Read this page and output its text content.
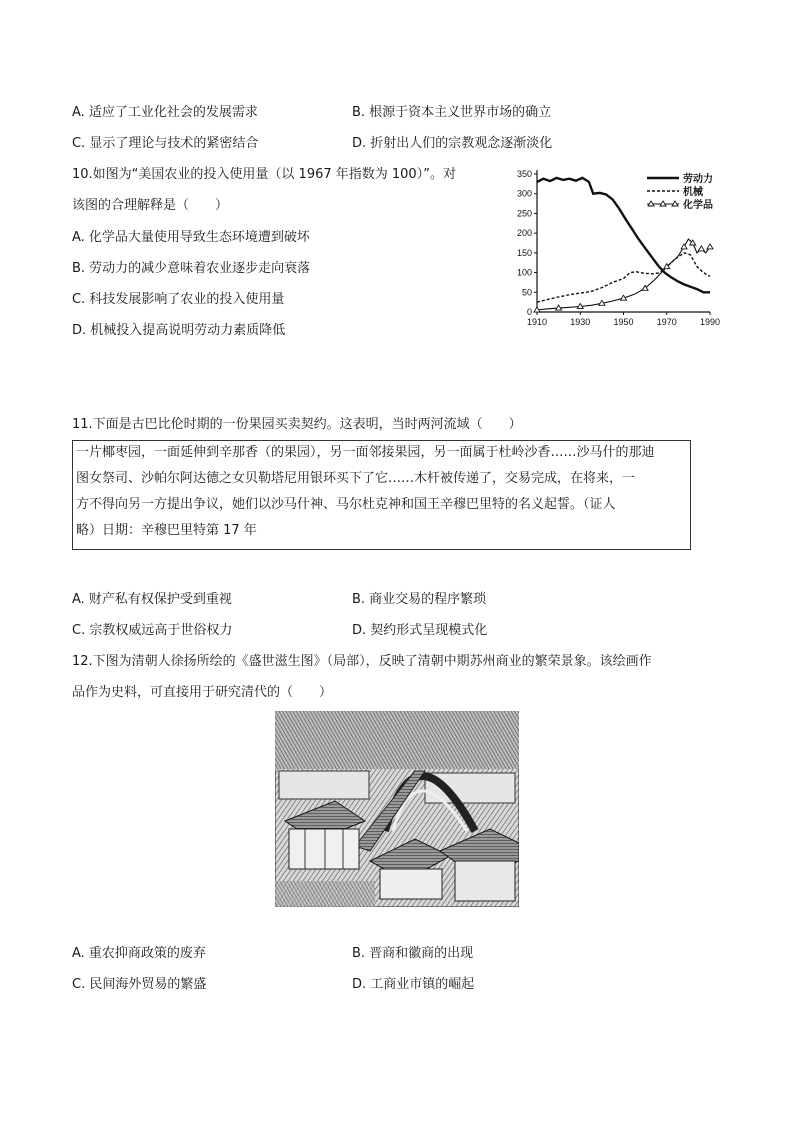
A. 适应了工业化社会的发展需求	B. 根源于资本主义世界市场的确立
C. 显示了理论与技术的紧密结合	D. 折射出人们的宗教观念逐渐淡化
10.如图为“美国农业的投入使用量（以 1967 年指数为 100）”。对
该图的合理解释是（　　）
A. 化学品大量使用导致生态环境遭到破坏
B. 劳动力的减少意味着农业逐步走向衰落
C. 科技发展影响了农业的投入使用量
D. 机械投入提高说明劳动力素质降低
0
50
100
150
200
250
300
350
1910	1930	1950	1970	1990
劳动力
机械
化学品
11.下面是古巴比伦时期的一份果园买卖契约。这表明，当时两河流域（　　）
一片椰枣园，一面延伸到辛那香（的果园），另一面邻接果园，另一面属于杜岭沙香……沙马什的那迪
图女祭司、沙帕尔阿达德之女贝勒塔尼用银环买下了它……木杆被传递了，交易完成，在将来，一
方不得向另一方提出争议，她们以沙马什神、马尔杜克神和国王辛穆巴里特的名义起誓。（证人
略）日期：辛穆巴里特第 17 年
A. 财产私有权保护受到重视	B. 商业交易的程序繁琐
C. 宗教权威远高于世俗权力	D. 契约形式呈现模式化
12.下图为清朝人徐扬所绘的《盛世滋生图》（局部），反映了清朝中期苏州商业的繁荣景象。该绘画作
品作为史料，可直接用于研究清代的（　　）
A. 重农抑商政策的废弃	B. 晋商和徽商的出现
C. 民间海外贸易的繁盛	D. 工商业市镇的崛起
